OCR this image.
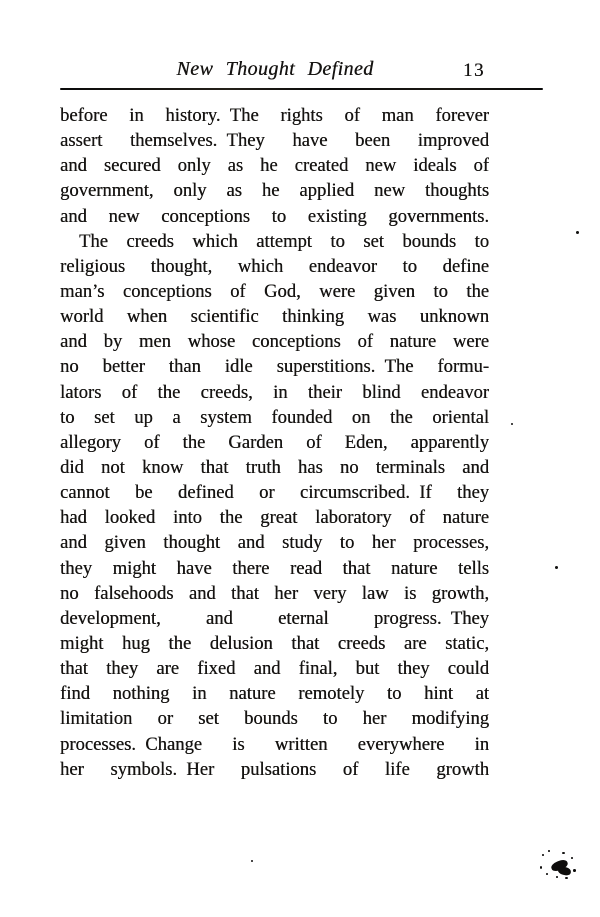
New Thought Defined	13
before in history. The rights of man forever
assert themselves. They have been improved
and secured only as he created new ideals of
government, only as he applied new thoughts
and new conceptions to existing governments.
The creeds which attempt to set bounds to
religious thought, which endeavor to define
man’s conceptions of God, were given to the
world when scientific thinking was unknown
and by men whose conceptions of nature were
no better than idle superstitions. The formu-
lators of the creeds, in their blind endeavor
to set up a system founded on the oriental
allegory of the Garden of Eden, apparently
did not know that truth has no terminals and
cannot be defined or circumscribed. If they
had looked into the great laboratory of nature
and given thought and study to her processes,
they might have there read that nature tells
no falsehoods and that her very law is growth,
development, and eternal progress. They
might hug the delusion that creeds are static,
that they are fixed and final, but they could
find nothing in nature remotely to hint at
limitation or set bounds to her modifying
processes. Change is written everywhere in
her symbols. Her pulsations of life growth
